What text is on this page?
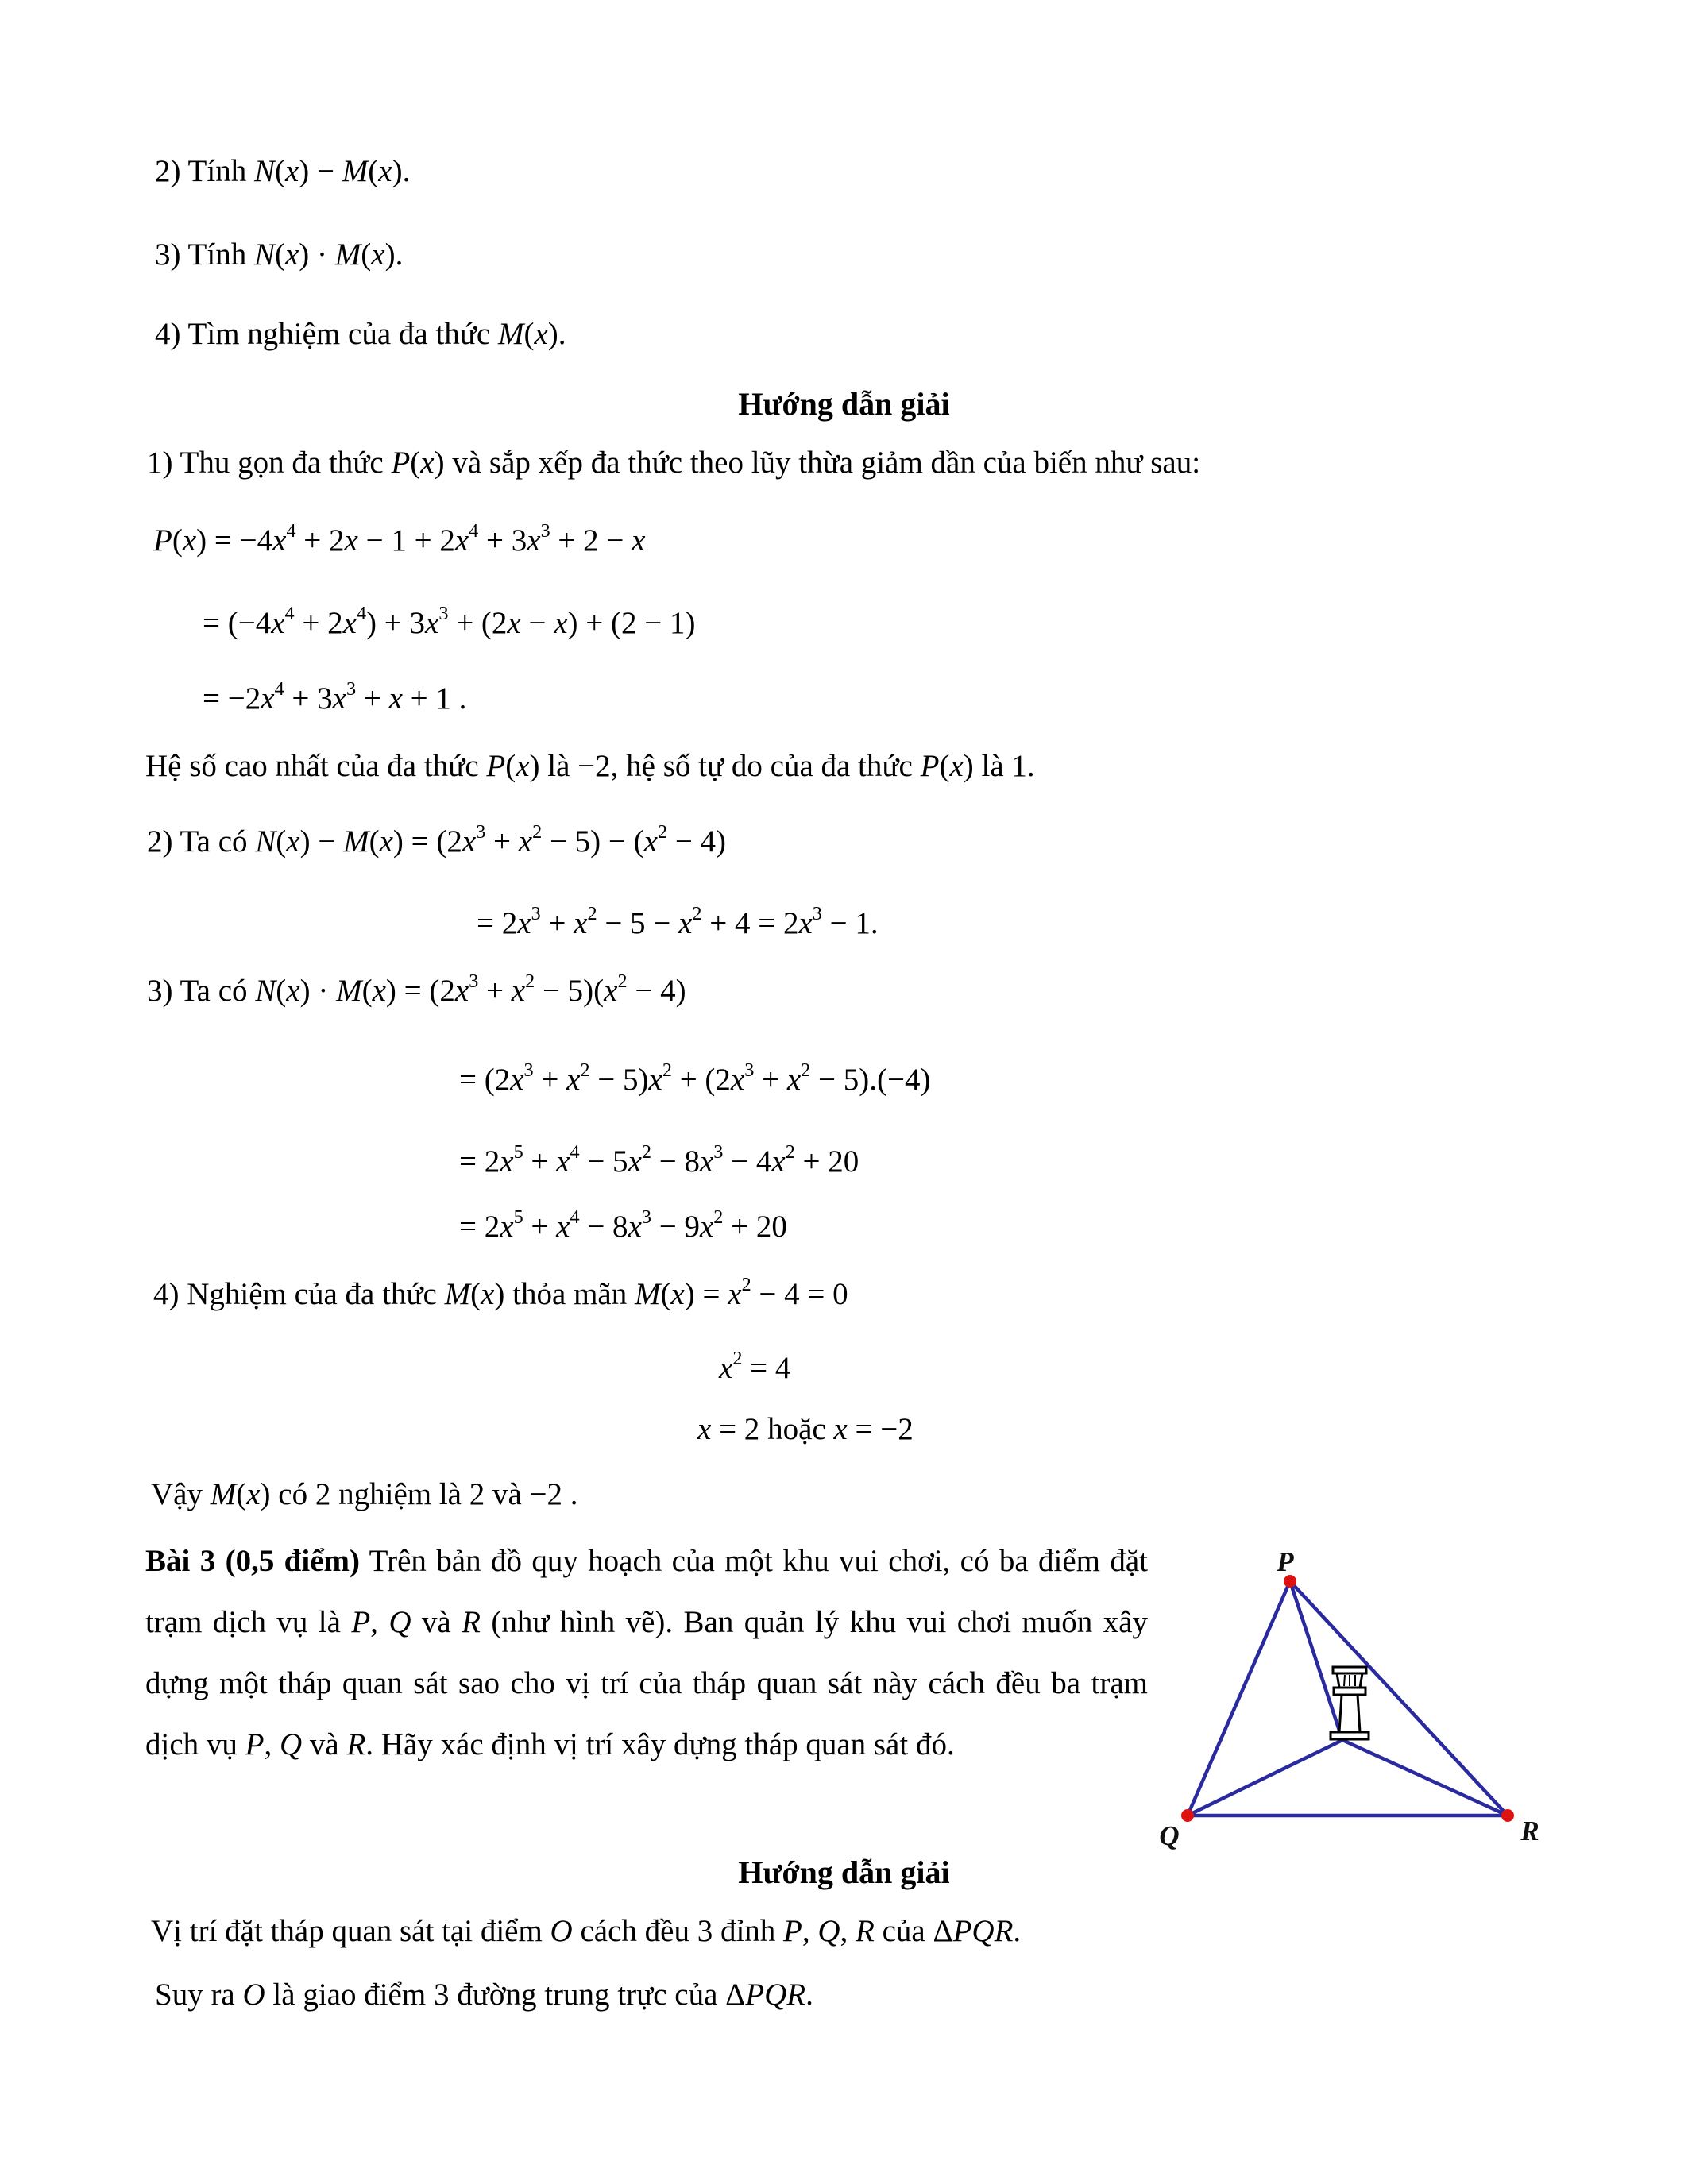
2) Tính N(x) − M(x).
3) Tính N(x) · M(x).
4) Tìm nghiệm của đa thức M(x).
Hướng dẫn giải
1) Thu gọn đa thức P(x) và sắp xếp đa thức theo lũy thừa giảm dần của biến như sau:
$P(x) = -4x^4 + 2x - 1 + 2x^4 + 3x^3 + 2 - x$
= $(-4x^4 + 2x^4) + 3x^3 + (2x - x) + (2 - 1)$
= $-2x^4 + 3x^3 + x + 1$ .
Hệ số cao nhất của đa thức P(x) là −2, hệ số tự do của đa thức P(x) là 1.
2) Ta có $N(x) - M(x) = (2x^3 + x^2 - 5) - (x^2 - 4)$
= $2x^3 + x^2 - 5 - x^2 + 4 = 2x^3 - 1$.
3) Ta có $N(x) \cdot M(x) = (2x^3 + x^2 - 5)(x^2 - 4)$
= $(2x^3 + x^2 - 5)x^2 + (2x^3 + x^2 - 5).(-4)$
= $2x^5 + x^4 - 5x^2 - 8x^3 - 4x^2 + 20$
= $2x^5 + x^4 - 8x^3 - 9x^2 + 20$
4) Nghiệm của đa thức M(x) thỏa mãn $M(x) = x^2 - 4 = 0$
$x^2 = 4$
x = 2 hoặc x = −2
Vậy M(x) có 2 nghiệm là 2 và −2 .
Bài 3 (0,5 điểm) Trên bản đồ quy hoạch của một khu vui chơi, có ba điểm đặt trạm dịch vụ là P, Q và R (như hình vẽ). Ban quản lý khu vui chơi muốn xây dựng một tháp quan sát sao cho vị trí của tháp quan sát này cách đều ba trạm dịch vụ P, Q và R. Hãy xác định vị trí xây dựng tháp quan sát đó.
P
Q	R
Hướng dẫn giải
Vị trí đặt tháp quan sát tại điểm O cách đều 3 đỉnh P, Q, R của ΔPQR.
Suy ra O là giao điểm 3 đường trung trực của ΔPQR.
